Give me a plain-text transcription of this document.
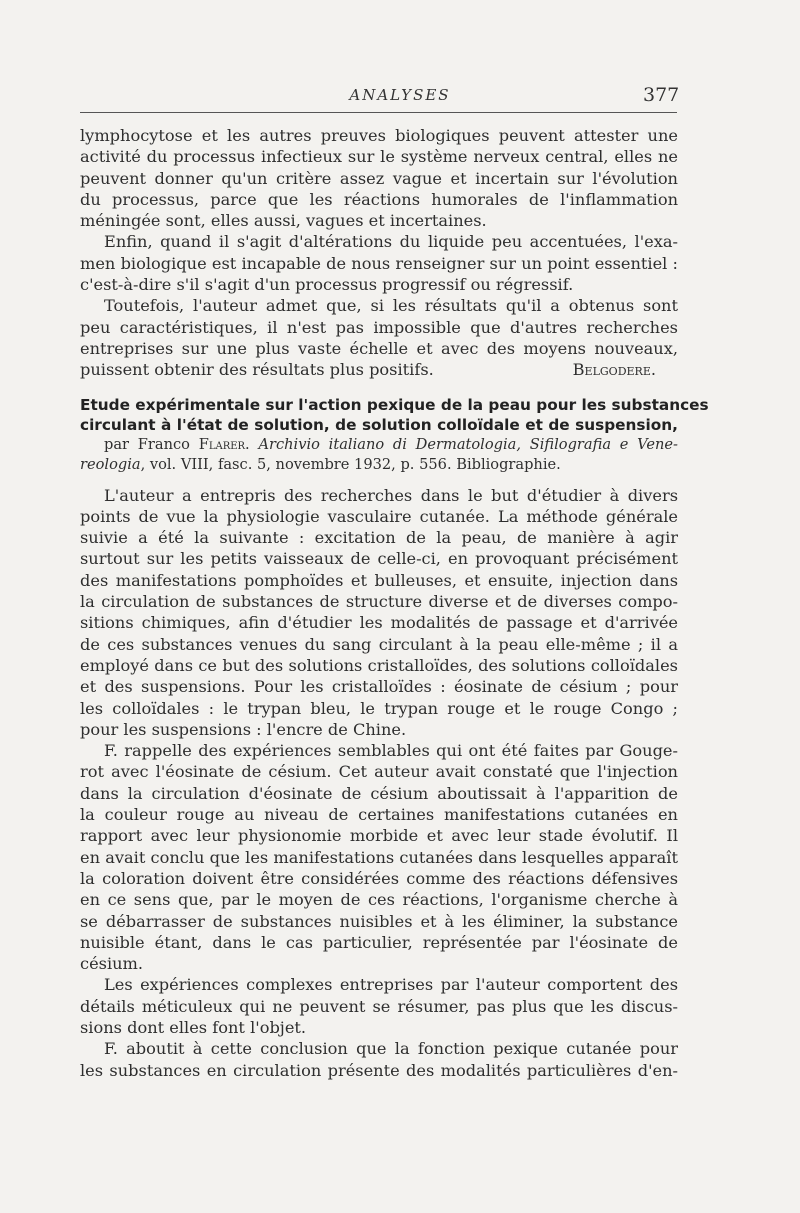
ANALYSES	377
lymphocytose et les autres preuves biologiques peuvent attester une
activité du processus infectieux sur le système nerveux central, elles ne
peuvent donner qu'un critère assez vague et incertain sur l'évolution
du processus, parce que les réactions humorales de l'inflammation
méningée sont, elles aussi, vagues et incertaines.
Enfin, quand il s'agit d'altérations du liquide peu accentuées, l'exa-
men biologique est incapable de nous renseigner sur un point essentiel :
c'est-à-dire s'il s'agit d'un processus progressif ou régressif.
Toutefois, l'auteur admet que, si les résultats qu'il a obtenus sont
peu caractéristiques, il n'est pas impossible que d'autres recherches
entreprises sur une plus vaste échelle et avec des moyens nouveaux,
puissent obtenir des résultats plus positifs.	Belgodere.
Etude expérimentale sur l'action pexique de la peau pour les substances
circulant à l'état de solution, de solution colloïdale et de suspension,
par Franco Flarer. Archivio italiano di Dermatologia, Sifilografia e Vene-
reologia, vol. VIII, fasc. 5, novembre 1932, p. 556. Bibliographie.
L'auteur a entrepris des recherches dans le but d'étudier à divers
points de vue la physiologie vasculaire cutanée. La méthode générale
suivie a été la suivante : excitation de la peau, de manière à agir
surtout sur les petits vaisseaux de celle-ci, en provoquant précisément
des manifestations pomphoïdes et bulleuses, et ensuite, injection dans
la circulation de substances de structure diverse et de diverses compo-
sitions chimiques, afin d'étudier les modalités de passage et d'arrivée
de ces substances venues du sang circulant à la peau elle-même ; il a
employé dans ce but des solutions cristalloïdes, des solutions colloïdales
et des suspensions. Pour les cristalloïdes : éosinate de césium ; pour
les colloïdales : le trypan bleu, le trypan rouge et le rouge Congo ;
pour les suspensions : l'encre de Chine.
F. rappelle des expériences semblables qui ont été faites par Gouge-
rot avec l'éosinate de césium. Cet auteur avait constaté que l'injection
dans la circulation d'éosinate de césium aboutissait à l'apparition de
la couleur rouge au niveau de certaines manifestations cutanées en
rapport avec leur physionomie morbide et avec leur stade évolutif. Il
en avait conclu que les manifestations cutanées dans lesquelles apparaît
la coloration doivent être considérées comme des réactions défensives
en ce sens que, par le moyen de ces réactions, l'organisme cherche à
se débarrasser de substances nuisibles et à les éliminer, la substance
nuisible étant, dans le cas particulier, représentée par l'éosinate de
césium.
Les expériences complexes entreprises par l'auteur comportent des
détails méticuleux qui ne peuvent se résumer, pas plus que les discus-
sions dont elles font l'objet.
F. aboutit à cette conclusion que la fonction pexique cutanée pour
les substances en circulation présente des modalités particulières d'en-
